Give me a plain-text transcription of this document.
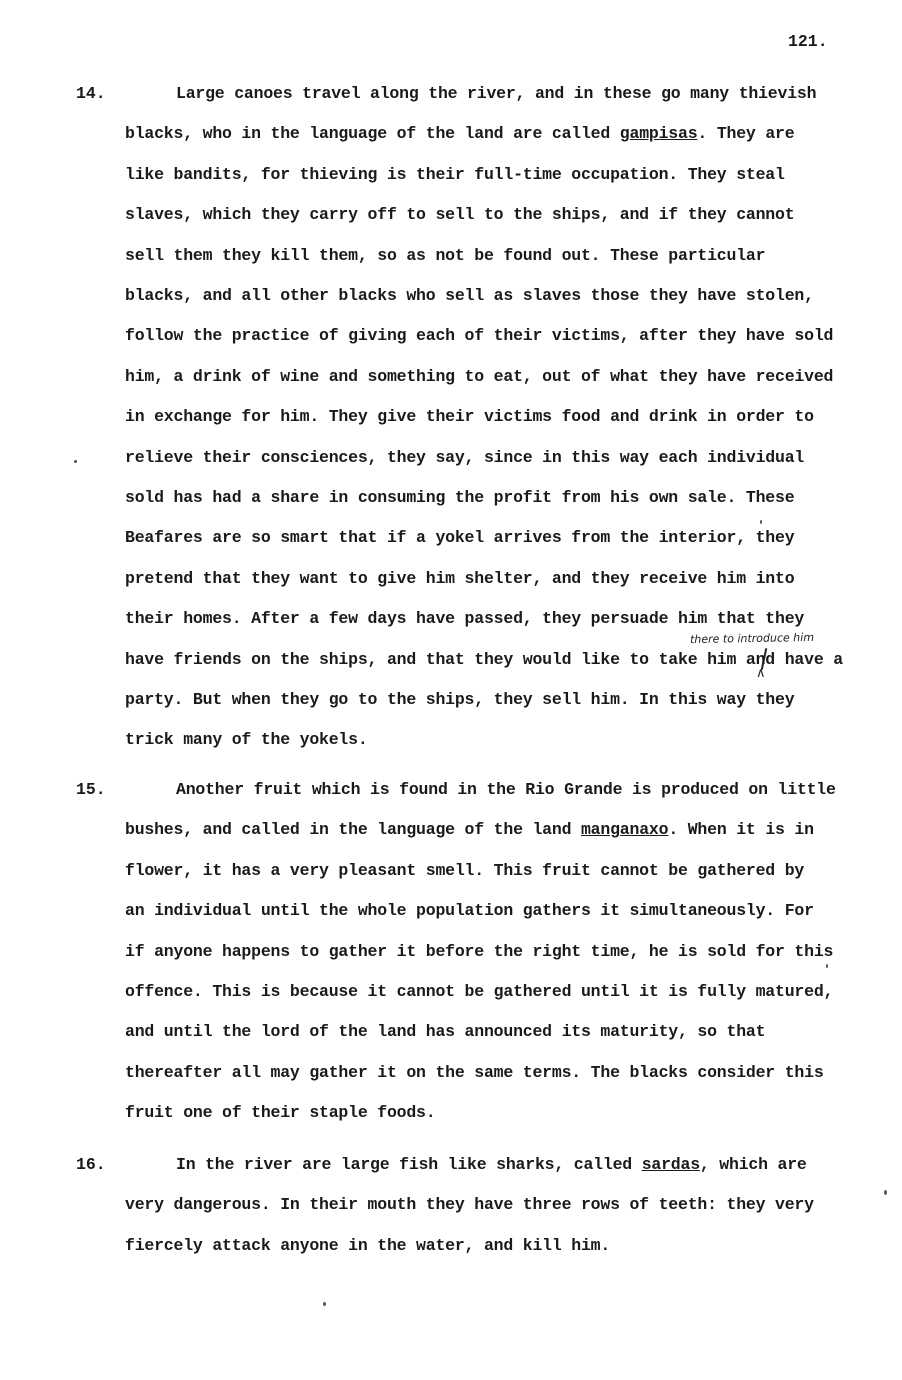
121.
there to introduce him
∧
14.	Large canoes travel along the river, and in these go many thievish
blacks, who in the language of the land are called gampisas. They are
like bandits, for thieving is their full-time occupation. They steal
slaves, which they carry off to sell to the ships, and if they cannot
sell them they kill them, so as not be found out. These particular
blacks, and all other blacks who sell as slaves those they have stolen,
follow the practice of giving each of their victims, after they have sold
him, a drink of wine and something to eat, out of what they have received
in exchange for him. They give their victims food and drink in order to
relieve their consciences, they say, since in this way each individual
sold has had a share in consuming the profit from his own sale. These
Beafares are so smart that if a yokel arrives from the interior, they
pretend that they want to give him shelter, and they receive him into
their homes. After a few days have passed, they persuade him that they
have friends on the ships, and that they would like to take him and have a
party. But when they go to the ships, they sell him. In this way they
trick many of the yokels.
15.	Another fruit which is found in the Rio Grande is produced on little
bushes, and called in the language of the land manganaxo. When it is in
flower, it has a very pleasant smell. This fruit cannot be gathered by
an individual until the whole population gathers it simultaneously. For
if anyone happens to gather it before the right time, he is sold for this
offence. This is because it cannot be gathered until it is fully matured,
and until the lord of the land has announced its maturity, so that
thereafter all may gather it on the same terms. The blacks consider this
fruit one of their staple foods.
16.	In the river are large fish like sharks, called sardas, which are
very dangerous. In their mouth they have three rows of teeth: they very
fiercely attack anyone in the water, and kill him.
